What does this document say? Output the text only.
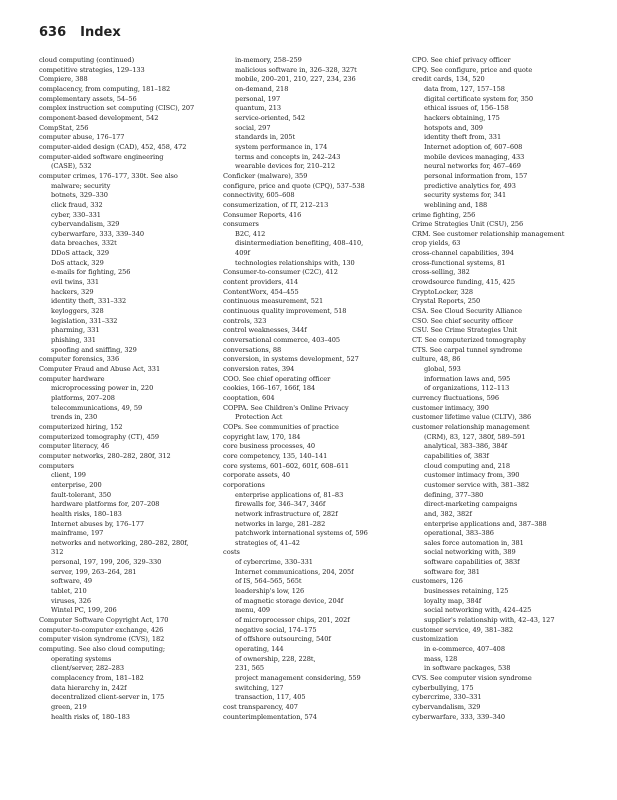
636 Index
cloud computing (continued)
competitive strategies, 129–133
Compiere, 388
complacency, from computing, 181–182
complementary assets, 54–56
complex instruction set computing (CISC), 207
component-based development, 542
CompStat, 256
computer abuse, 176–177
computer-aided design (CAD), 452, 458, 472
computer-aided software engineering
(CASE), 532
computer crimes, 176–177, 330t. See also
malware; security
botnets, 329–330
click fraud, 332
cyber, 330–331
cybervandalism, 329
cyberwarfare, 333, 339–340
data breaches, 332t
DDoS attack, 329
DoS attack, 329
e-mails for fighting, 256
evil twins, 331
hackers, 329
identity theft, 331–332
keyloggers, 328
legislation, 331–332
pharming, 331
phishing, 331
spoofing and sniffing, 329
computer forensics, 336
Computer Fraud and Abuse Act, 331
computer hardware
microprocessing power in, 220
platforms, 207–208
telecommunications, 49, 59
trends in, 230
computerized hiring, 152
computerized tomography (CT), 459
computer literacy, 46
computer networks, 280–282, 280f, 312
computers
client, 199
enterprise, 200
fault-tolerant, 350
hardware platforms for, 207–208
health risks, 180–183
Internet abuses by, 176–177
mainframe, 197
networks and networking, 280–282, 280f,
312
personal, 197, 199, 206, 329–330
server, 199, 263–264, 281
software, 49
tablet, 210
viruses, 326
Wintel PC, 199, 206
Computer Software Copyright Act, 170
computer-to-computer exchange, 426
computer vision syndrome (CVS), 182
computing. See also cloud computing;
operating systems
client/server, 282–283
complacency from, 181–182
data hierarchy in, 242f
decentralized client-server in, 175
green, 219
health risks of, 180–183
in-memory, 258–259
malicious software in, 326–328, 327t
mobile, 200–201, 210, 227, 234, 236
on-demand, 218
personal, 197
quantum, 213
service-oriented, 542
social, 297
standards in, 205t
system performance in, 174
terms and concepts in, 242–243
wearable devices for, 210–212
Conficker (malware), 359
configure, price and quote (CPQ), 537–538
connectivity, 605–608
consumerization, of IT, 212–213
Consumer Reports, 416
consumers
B2C, 412
disintermediation benefiting, 408–410,
409f
technologies relationships with, 130
Consumer-to-consumer (C2C), 412
content providers, 414
ContentWorx, 454–455
continuous measurement, 521
continuous quality improvement, 518
controls, 323
control weaknesses, 344f
conversational commerce, 403–405
conversations, 88
conversion, in systems development, 527
conversion rates, 394
COO. See chief operating officer
cookies, 166–167, 166f, 184
cooptation, 604
COPPA. See Children's Online Privacy
Protection Act
COPs. See communities of practice
copyright law, 170, 184
core business processes, 40
core competency, 135, 140–141
core systems, 601–602, 601f, 608–611
corporate assets, 40
corporations
enterprise applications of, 81–83
firewalls for, 346–347, 346f
network infrastructure of, 282f
networks in large, 281–282
patchwork international systems of, 596
strategies of, 41–42
costs
of cybercrime, 330–331
Internet communications, 204, 205f
of IS, 564–565, 565t
leadership's low, 126
of magnetic storage device, 204f
menu, 409
of microprocessor chips, 201, 202f
negative social, 174–175
of offshore outsourcing, 540f
operating, 144
of ownership, 228, 228t,
231, 565
project management considering, 559
switching, 127
transaction, 117, 405
cost transparency, 407
counterimplementation, 574
CPO. See chief privacy officer
CPQ. See configure, price and quote
credit cards, 134, 520
data from, 127, 157–158
digital certificate system for, 350
ethical issues of, 156–158
hackers obtaining, 175
hotspots and, 309
identity theft from, 331
Internet adoption of, 607–608
mobile devices managing, 433
neural networks for, 467–469
personal information from, 157
predictive analytics for, 493
security systems for, 341
weblining and, 188
crime fighting, 256
Crime Strategies Unit (CSU), 256
CRM. See customer relationship management
crop yields, 63
cross-channel capabilities, 394
cross-functional systems, 81
cross-selling, 382
crowdsource funding, 415, 425
CryptoLocker, 328
Crystal Reports, 250
CSA. See Cloud Security Alliance
CSO. See chief security officer
CSU. See Crime Strategies Unit
CT. See computerized tomography
CTS. See carpal tunnel syndrome
culture, 48, 86
global, 593
information laws and, 595
of organizations, 112–113
currency fluctuations, 596
customer intimacy, 390
customer lifetime value (CLTV), 386
customer relationship management
(CRM), 83, 127, 380f, 589–591
analytical, 383–386, 384f
capabilities of, 383f
cloud computing and, 218
customer intimacy from, 390
customer service with, 381–382
defining, 377–380
direct-marketing campaigns
and, 382, 382f
enterprise applications and, 387–388
operational, 383–386
sales force automation in, 381
social networking with, 389
software capabilities of, 383f
software for, 381
customers, 126
businesses retaining, 125
loyalty map, 384f
social networking with, 424–425
supplier's relationship with, 42–43, 127
customer service, 49, 381–382
customization
in e-commerce, 407–408
mass, 128
in software packages, 538
CVS. See computer vision syndrome
cyberbullying, 175
cybercrime, 330–331
cybervandalism, 329
cyberwarfare, 333, 339–340
